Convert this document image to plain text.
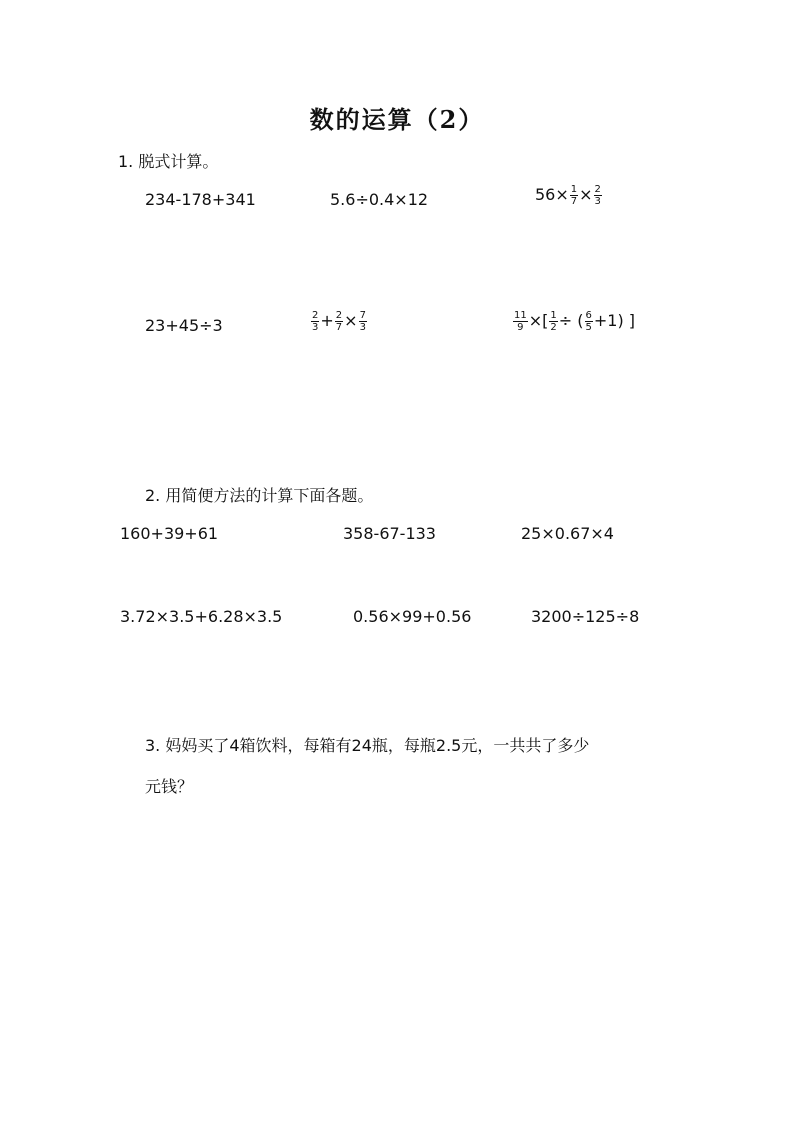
数的运算（2）
1. 脱式计算。
234-178+341	5.6÷0.4×12	$56\times \frac{1}{7} \times \frac{2}{3}$
23+45÷3	$\frac{2}{3} + \frac{2}{7} \times \frac{7}{3}$	$\frac{11}{9}$ ×[ $\frac{1}{2}$ ÷ ( $\frac{6}{5} +1$) ]
2. 用简便方法的计算下面各题。
160+39+61	358-67-133	25×0.67×4
3.72×3.5+6.28×3.5	0.56×99+0.56	3200÷125÷8
3. 妈妈买了4箱饮料，每箱有24瓶，每瓶2.5元，一共共了多少
元钱？
